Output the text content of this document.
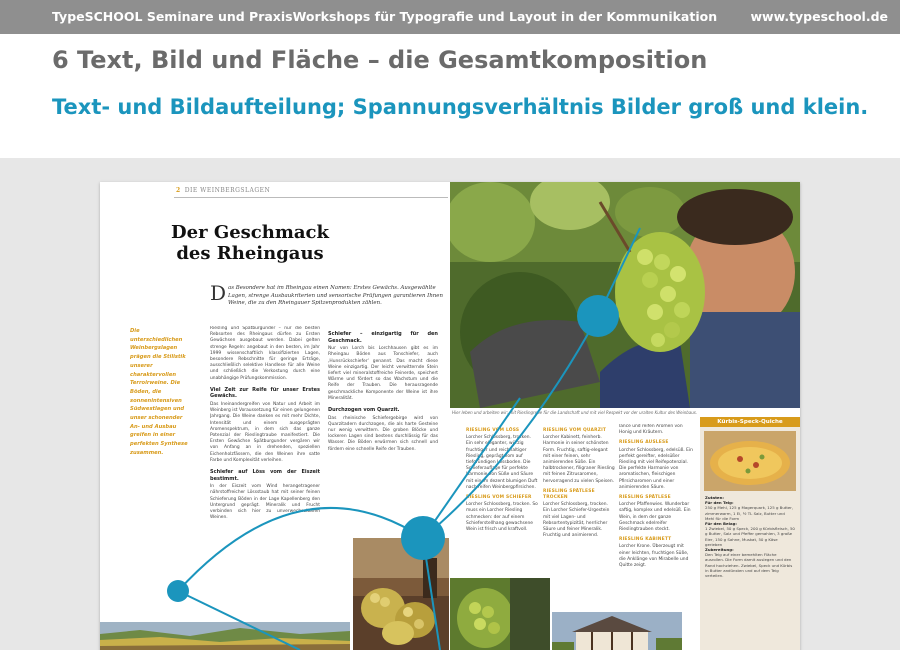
TypeSCHOOL Seminare und PraxisWorkshops für Typografie und Layout in der Kommunikation	www.typeschool.de
6 Text, Bild und Fläche – die Gesamtkomposition
Text- und Bildaufteilung; Spannungsverhältnis Bilder groß und klein.
2 DIE WEINBERGSLAGEN
Der Geschmack
des Rheingaus
Das Besondere hat im Rheingau einen Namen: Erstes Gewächs. Ausgewählte Lagen, strenge Ausbaukriterien und sensorische Prüfungen garantieren Ihnen Weine, die zu den Rheingauer Spitzenprodukten zählen.
Die unterschiedlichen Weinbergslagen prägen die Stilistik unserer charaktervollen Terroirweine. Die Böden, die sonnenintensiven Südwestlagen und unser schonender An- und Ausbau greifen in einer perfekten Synthese zusammen.

Riesling und Spätburgunder – nur die besten Rebsorten des Rheingaus dürfen zu Ersten Gewächsen ausgebaut werden. Dabei gelten strenge Regeln: angebaut in den besten, im Jahr 1999 wissenschaftlich klassifizierten Lagen, besondere Rebschnitte für geringe Erträge, ausschließlich selektive Handlese für alle Weine und schließlich die Verkostung durch eine unabhängige Prüfungskommission.

Viel Zeit zur Reife für unser Erstes Gewächs.

Das Ineinandergreifen von Natur und Arbeit im Weinberg ist Voraussetzung für einen gelungenen Jahrgang. Die Weine danken es mit mehr Dichte, Intensität und einem ausgeprägten Aromenspektrum, in dem sich das ganze Potenzial der Rieslingtraube manifestiert. Die Ersten Gewächse Spätburgunder vergären wir von Anfang an in drehenden, speziellen Eichenholzfässern, die den Weinen ihre satte Farbe und Komplexität verleihen.

Schiefer auf Löss vom der Eiszeit bestimmt.

In der Eiszeit vom Wind herangetragener nährstoffreicher Lössstaub hat mit seiner feinen Schieferung Böden in der Lage Kapellenberg den Untergrund geprägt. Mineralik und Frucht verbinden sich hier zu unverwechselbaren Weinen.

Schiefer – einzigartig für den Geschmack.

Nur von Lorch bis Lorchhausen gibt es im Rheingau Böden aus Tonschiefer, auch ‚Hunsrückschiefer‘ genannt. Das macht diese Weine einzigartig. Der leicht verwitternde Stein liefert viel mineralstoffreiche Feinerde, speichert Wärme und fördert so das Wachstum und die Reife der Trauben. Die herausragende geschmackliche Komponente der Weine ist ihre Mineralität.

Durchzogen vom Quarzit.

Das rheinische Schiefergebirge wird von Quarzitadern durchzogen, die als harte Gesteine nur wenig verwittern. Die groben Blöcke und lockeren Lagen sind bestens durchlässig für das Wasser. Die Böden erwärmen sich schnell und fördern eine schnelle Reife der Trauben.

Hier leben und arbeiten wir: mit Rieslingrebe für die Landschaft und mit viel Respekt vor der uralten Kultur des Weinbaus.
RIESLING VOM LÖSS

Lorcher Schlossberg, trocken. Ein sehr eleganter, würzig fruchtiger und reichhaltiger Riesling, geprägt vom auf tiefgründigen Lössboden. Die Schieferauflage für perfekte Harmonie von Süße und Säure mit einem dezent blumigen Duft nach reifen Weinbergpfirsichen.

RIESLING VOM SCHIEFER

Lorcher Schlossberg, trocken. So muss ein Lorcher Riesling schmecken: der auf einem Schieferstellhang gewachsene Wein ist frisch und kraftvoll.

RIESLING VOM QUARZIT

Lorcher Kabinett, feinherb. Harmonie in seiner schönsten Form. Fruchtig, saftig-elegant mit einer feinen, sehr animierenden Süße. Ein halbtrockener, filigraner Riesling mit feinen Zitrusaromen, hervorragend zu vielen Speisen.

RIESLING SPÄTLESE TROCKEN

Lorcher Schlossberg, trocken. Ein Lorcher Schiefer-Urgestein mit viel Lagen- und Rebsortentypizität, herrlicher Säure und feiner Mineralik. Fruchtig und animierend.

lance und reifen Aromen von Honig und Kräutern.

RIESLING AUSLESE

Lorcher Schlossberg, edelsüß. Ein perfekt gereifter, edelsüßer Riesling mit viel Reifepotenzial. Die perfekte Harmonie von aromatischen, fleischigen Pfirsicharomen und einer animierenden Säure.

RIESLING SPÄTLESE

Lorcher Pfaffenwies. Wunderbar saftig, komplex und edelsüß. Ein Wein, in dem der ganze Geschmack edelreifer Rieslingtrauben steckt.

RIESLING KABINETT

Lorcher Krone. Überzeugt mit einer leichten, fruchtigen Süße, die Anklänge von Mirabelle und Quitte zeigt.

Kürbis-Speck-Quiche
Zutaten:
Für den Teig:
250 g Mehl, 125 g Magerquark, 125 g Butter, zimmerwarm, 1 Ei, ½ TL Salz, Butter und Mehl für die Form
Für den Belag:
1 Zwiebel, 50 g Speck, 200 g Kürbisfleisch, 50 g Butter, Salz und Pfeffer gemahlen, 3 große Eier, 150 g Sahne, Muskat, 50 g Käse gerieben
Zubereitung:
Den Teig auf einer bemehlten Fläche ausrollen. Die Form damit auslegen und den Rand hochziehen. Zwiebel, Speck und Kürbis in Butter andünsten und auf dem Teig verteilen.
